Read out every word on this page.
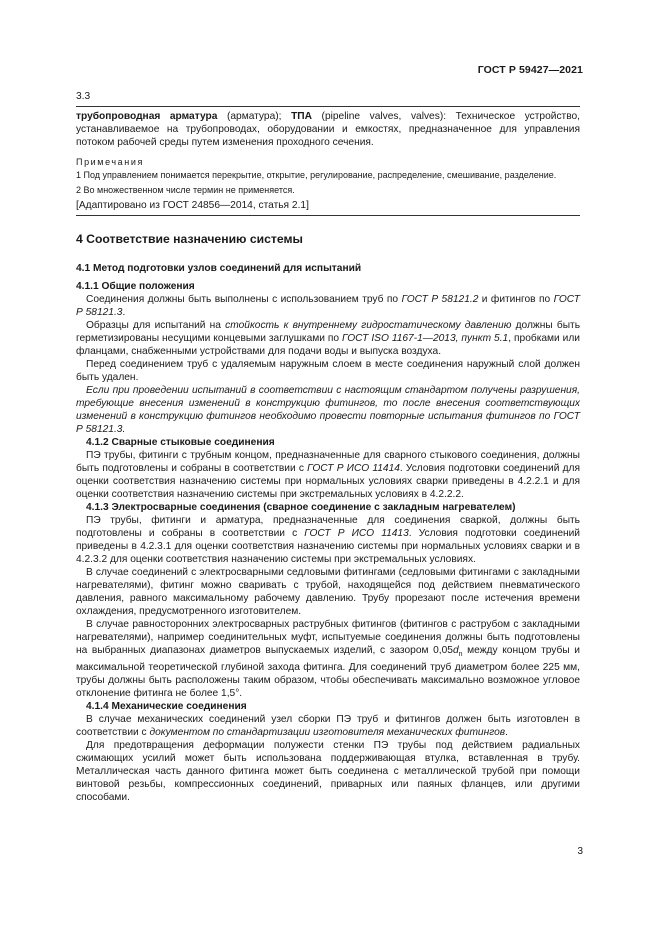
ГОСТ Р 59427—2021
3.3

трубопроводная арматура (арматура); ТПА (pipeline valves, valves): Техническое устройство, устанавливаемое на трубопроводах, оборудовании и емкостях, предназначенное для управления потоком рабочей среды путем изменения проходного сечения.

Примечания

1 Под управлением понимается перекрытие, открытие, регулирование, распределение, смешивание, разделение.

2 Во множественном числе термин не применяется.

[Адаптировано из ГОСТ 24856—2014, статья 2.1]

4 Соответствие назначению системы
4.1 Метод подготовки узлов соединений для испытаний
4.1.1 Общие положения

Соединения должны быть выполнены с использованием труб по ГОСТ Р 58121.2 и фитингов по ГОСТ Р 58121.3.

Образцы для испытаний на стойкость к внутреннему гидростатическому давлению должны быть герметизированы несущими концевыми заглушками по ГОСТ ISO 1167-1—2013, пункт 5.1, пробками или фланцами, снабженными устройствами для подачи воды и выпуска воздуха.

Перед соединением труб с удаляемым наружным слоем в месте соединения наружный слой должен быть удален.

Если при проведении испытаний в соответствии с настоящим стандартом получены разрушения, требующие внесения изменений в конструкцию фитингов, то после внесения соответствующих изменений в конструкцию фитингов необходимо провести повторные испытания фитингов по ГОСТ Р 58121.3.

4.1.2 Сварные стыковые соединения

ПЭ трубы, фитинги с трубным концом, предназначенные для сварного стыкового соединения, должны быть подготовлены и собраны в соответствии с ГОСТ Р ИСО 11414. Условия подготовки соединений для оценки соответствия назначению системы при нормальных условиях сварки приведены в 4.2.2.1 и для оценки соответствия назначению системы при экстремальных условиях в 4.2.2.2.

4.1.3 Электросварные соединения (сварное соединение с закладным нагревателем)

ПЭ трубы, фитинги и арматура, предназначенные для соединения сваркой, должны быть подготовлены и собраны в соответствии с ГОСТ Р ИСО 11413. Условия подготовки соединений приведены в 4.2.3.1 для оценки соответствия назначению системы при нормальных условиях сварки и в 4.2.3.2 для оценки соответствия назначению системы при экстремальных условиях.

В случае соединений с электросварными седловыми фитингами (седловыми фитингами с закладными нагревателями), фитинг можно сваривать с трубой, находящейся под действием пневматического давления, равного максимальному рабочему давлению. Трубу прорезают после истечения времени охлаждения, предусмотренного изготовителем.

В случае равносторонних электросварных раструбных фитингов (фитингов с раструбом с закладными нагревателями), например соединительных муфт, испытуемые соединения должны быть подготовлены на выбранных диапазонах диаметров выпускаемых изделий, с зазором $0,05d_n$ между концом трубы и максимальной теоретической глубиной захода фитинга. Для соединений труб диаметром более 225 мм, трубы должны быть расположены таким образом, чтобы обеспечивать максимально возможное угловое отклонение фитинга не более 1,5°.

4.1.4 Механические соединения

В случае механических соединений узел сборки ПЭ труб и фитингов должен быть изготовлен в соответствии с документом по стандартизации изготовителя механических фитингов.

Для предотвращения деформации полужести стенки ПЭ трубы под действием радиальных сжимающих усилий может быть использована поддерживающая втулка, вставленная в трубу. Металлическая часть данного фитинга может быть соединена с металлической трубой при помощи винтовой резьбы, компрессионных соединений, приварных или паяных фланцев, или другими способами.

3
